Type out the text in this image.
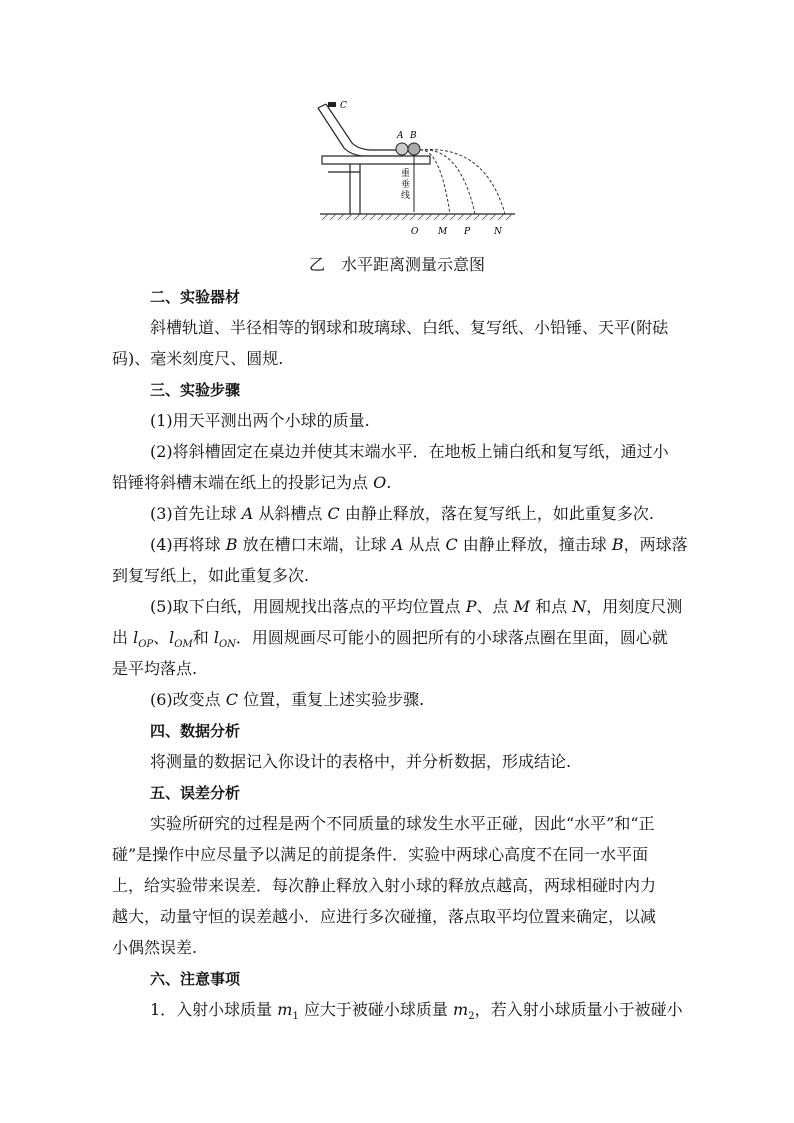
C
A B
重 垂 线
O M P	N
乙　水平距离测量示意图
二、实验器材
斜槽轨道、半径相等的钢球和玻璃球、白纸、复写纸、小铅锤、天平(附砝
码)、毫米刻度尺、圆规.
三、实验步骤
(1)用天平测出两个小球的质量.
(2)将斜槽固定在桌边并使其末端水平．在地板上铺白纸和复写纸，通过小
铅锤将斜槽末端在纸上的投影记为点 O.
(3)首先让球 A 从斜槽点 C 由静止释放，落在复写纸上，如此重复多次.
(4)再将球 B 放在槽口末端，让球 A 从点 C 由静止释放，撞击球 B，两球落
到复写纸上，如此重复多次.
(5)取下白纸，用圆规找出落点的平均位置点 P、点 M 和点 N，用刻度尺测
出 $l_{OP}$、$l_{OM}$和 $l_{ON}$．用圆规画尽可能小的圆把所有的小球落点圈在里面，圆心就
是平均落点.
(6)改变点 C 位置，重复上述实验步骤.
四、数据分析
将测量的数据记入你设计的表格中，并分析数据，形成结论.
五、误差分析
实验所研究的过程是两个不同质量的球发生水平正碰，因此“水平”和“正
碰”是操作中应尽量予以满足的前提条件．实验中两球心高度不在同一水平面
上，给实验带来误差．每次静止释放入射小球的释放点越高，两球相碰时内力
越大，动量守恒的误差越小．应进行多次碰撞，落点取平均位置来确定，以减
小偶然误差.
六、注意事项
1．入射小球质量 $m_1$ 应大于被碰小球质量 $m_2$，若入射小球质量小于被碰小
